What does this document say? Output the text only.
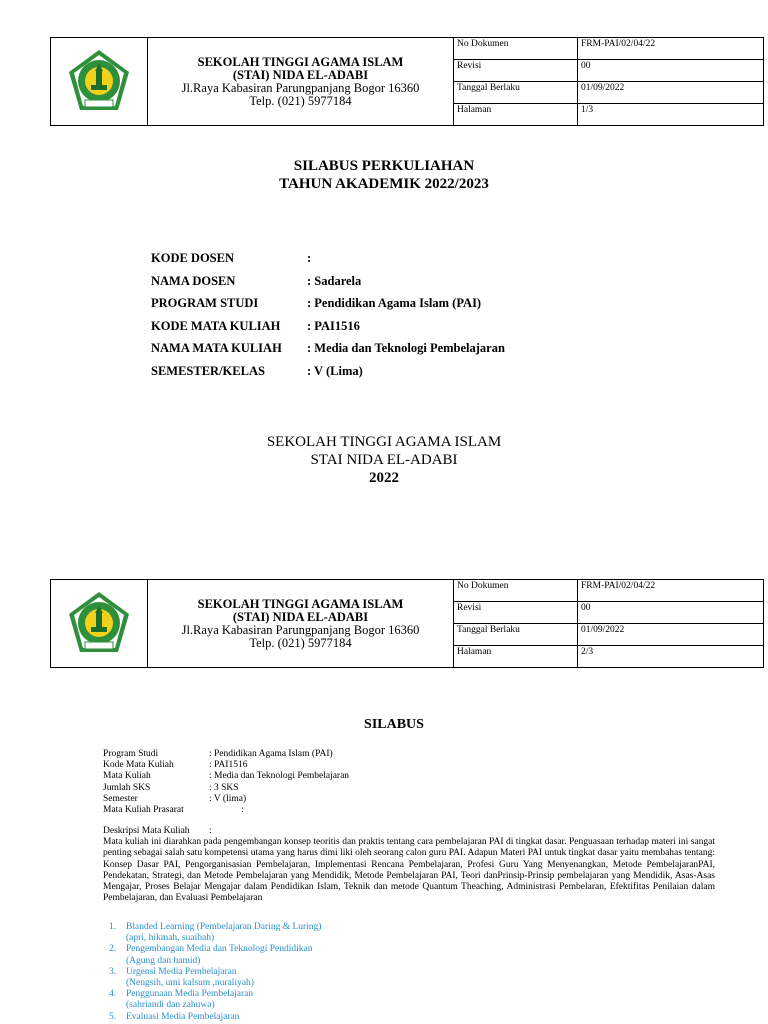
SEKOLAH TINGGI AGAMA ISLAM
(STAI) NIDA EL-ADABI
Jl.Raya Kabasiran Parungpanjang Bogor 16360
Telp. (021) 5977184	No Dokumen	FRM-PAI/02/04/22
		Revisi	00
		Tanggal Berlaku	01/09/2022
		Halaman	1/3
SILABUS PERKULIAHAN
TAHUN AKADEMIK 2022/2023
KODE DOSEN	:
NAMA DOSEN	: Sadarela
PROGRAM STUDI	: Pendidikan Agama Islam (PAI)
KODE MATA KULIAH	: PAI1516
NAMA MATA KULIAH	: Media dan Teknologi Pembelajaran
SEMESTER/KELAS	: V (Lima)
SEKOLAH TINGGI AGAMA ISLAM
STAI NIDA EL-ADABI
2022

SEKOLAH TINGGI AGAMA ISLAM
(STAI) NIDA EL-ADABI
Jl.Raya Kabasiran Parungpanjang Bogor 16360
Telp. (021) 5977184	No Dokumen	FRM-PAI/02/04/22
		Revisi	00
		Tanggal Berlaku	01/09/2022
		Halaman	2/3
SILABUS
Program Studi	: Pendidikan Agama Islam (PAI)
Kode Mata Kuliah	: PAI1516
Mata Kuliah	: Media dan Teknologi Pembelajaran
Jumlah SKS	: 3 SKS
Semester	: V (lima)
Mata Kuliah Prasarat	:
Deskripsi Mata Kuliah	:

Mata kuliah ini diarahkan pada pengembangan konsep teoritis dan praktis tentang cara pembelajaran PAI di tingkat dasar. Penguasaan terhadap materi ini sangat penting sebagai salah satu kompetensi utama yang harus dimi liki oleh seorang calon guru PAI. Adapun Materi PAI untuk tingkat dasar yaitu membahas tentang: Konsep Dasar PAI, Pengorganisasian Pembelajaran, Implementasi Rencana Pembelajaran, Profesi Guru Yang Menyenangkan, Metode PembelajaranPAI, Pendekatan, Strategi, dan Metode Pembelajaran yang Mendidik, Metode Pembelajaran PAI, Teori danPrinsip-Prinsip pembelajaran yang Mendidik, Asas-Asas Mengajar, Proses Belajar Mengajar dalam Pendidikan Islam, Teknik dan metode Quantum Theaching, Administrasi Pembelaran, Efektifitas Penilaian dalam Pembelajaran, dan Evaluasi Pembelajaran

1.	Blanded Learning (Pembelajaran Daring & Luring)
(apri, hikmah, suaibah)
2.	Pengembangan Media dan Teknologi Pendidikan
(Agung dan hamid)
3.	Urgensi Media Pembelajaran
(Nengsih, umi kalsum ,nuraliyah)
4.	Penggunaan Media Pembelajaran
(sahriandi dan zahuwa)
5.	Evaluasi Media Pembelajaran
